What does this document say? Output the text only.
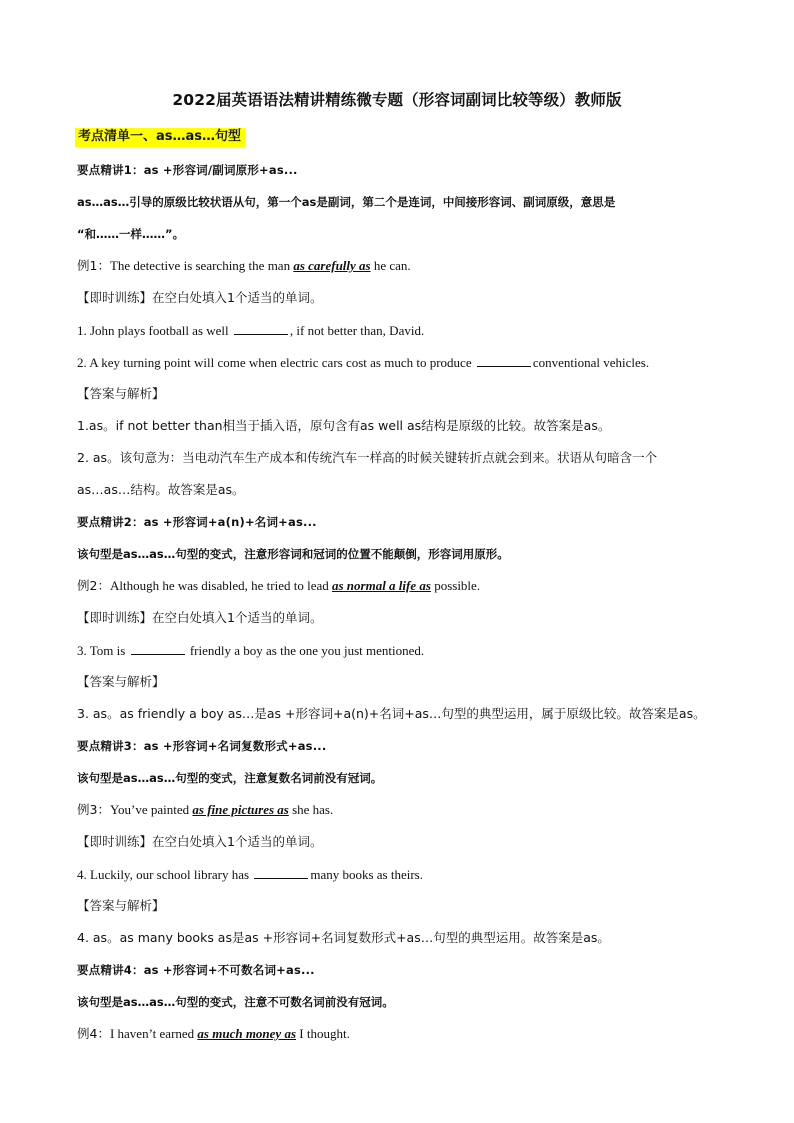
2022届英语语法精讲精练微专题（形容词副词比较等级）教师版
考点清单一、as…as…句型
要点精讲1：as +形容词/副词原形+as...
as…as…引导的原级比较状语从句，第一个as是副词，第二个是连词，中间接形容词、副词原级，意思是
“和……一样……”。
例1：The detective is searching the man as carefully as he can.
【即时训练】在空白处填入1个适当的单词。
1. John plays football as well	, if not better than, David.
2. A key turning point will come when electric cars cost as much to produce	conventional vehicles.
【答案与解析】
1.as。if not better than相当于插入语，原句含有as well as结构是原级的比较。故答案是as。
2. as。该句意为：当电动汽车生产成本和传统汽车一样高的时候关键转折点就会到来。状语从句暗含一个
as…as…结构。故答案是as。
要点精讲2：as +形容词+a(n)+名词+as...
该句型是as…as…句型的变式，注意形容词和冠词的位置不能颠倒，形容词用原形。
例2：Although he was disabled, he tried to lead as normal a life as possible.
【即时训练】在空白处填入1个适当的单词。
3. Tom is	friendly a boy as the one you just mentioned.
【答案与解析】
3. as。as friendly a boy as…是as +形容词+a(n)+名词+as…句型的典型运用，属于原级比较。故答案是as。
要点精讲3：as +形容词+名词复数形式+as...
该句型是as…as…句型的变式，注意复数名词前没有冠词。
例3：You’ve painted as fine pictures as she has.
【即时训练】在空白处填入1个适当的单词。
4. Luckily, our school library has	many books as theirs.
【答案与解析】
4. as。as many books as是as +形容词+名词复数形式+as…句型的典型运用。故答案是as。
要点精讲4：as +形容词+不可数名词+as...
该句型是as…as…句型的变式，注意不可数名词前没有冠词。
例4：I haven’t earned as much money as I thought.
